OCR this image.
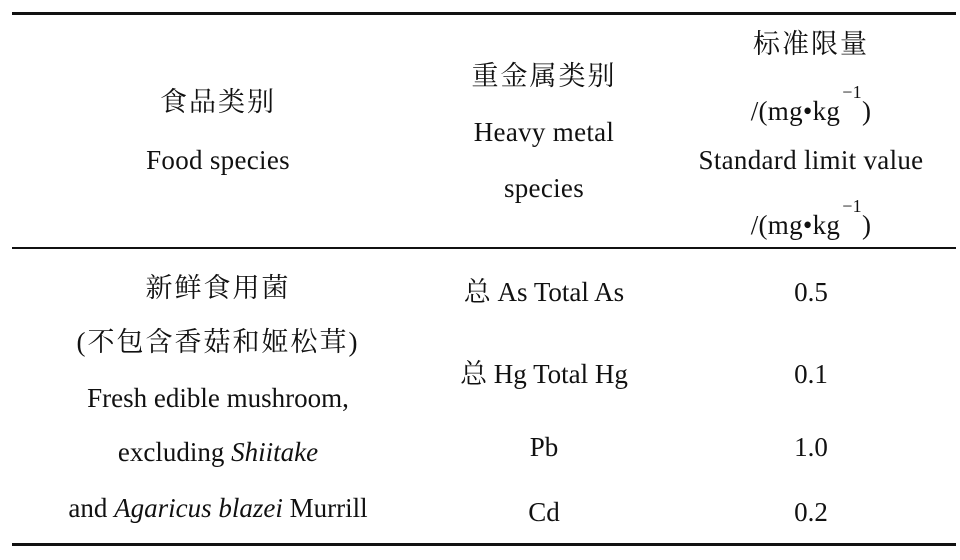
食品类别
Food species
重金属类别
Heavy metal
species
标准限量
$/(mg•kg^{-1})$
Standard limit value
$/(mg•kg^{-1})$
新鲜食用菌
(不包含香菇和姬松茸)
Fresh edible mushroom,
excluding Shiitake
and Agaricus blazei Murrill
总 As Total As
总 Hg Total Hg
Pb
Cd
0.5
0.1
1.0
0.2
